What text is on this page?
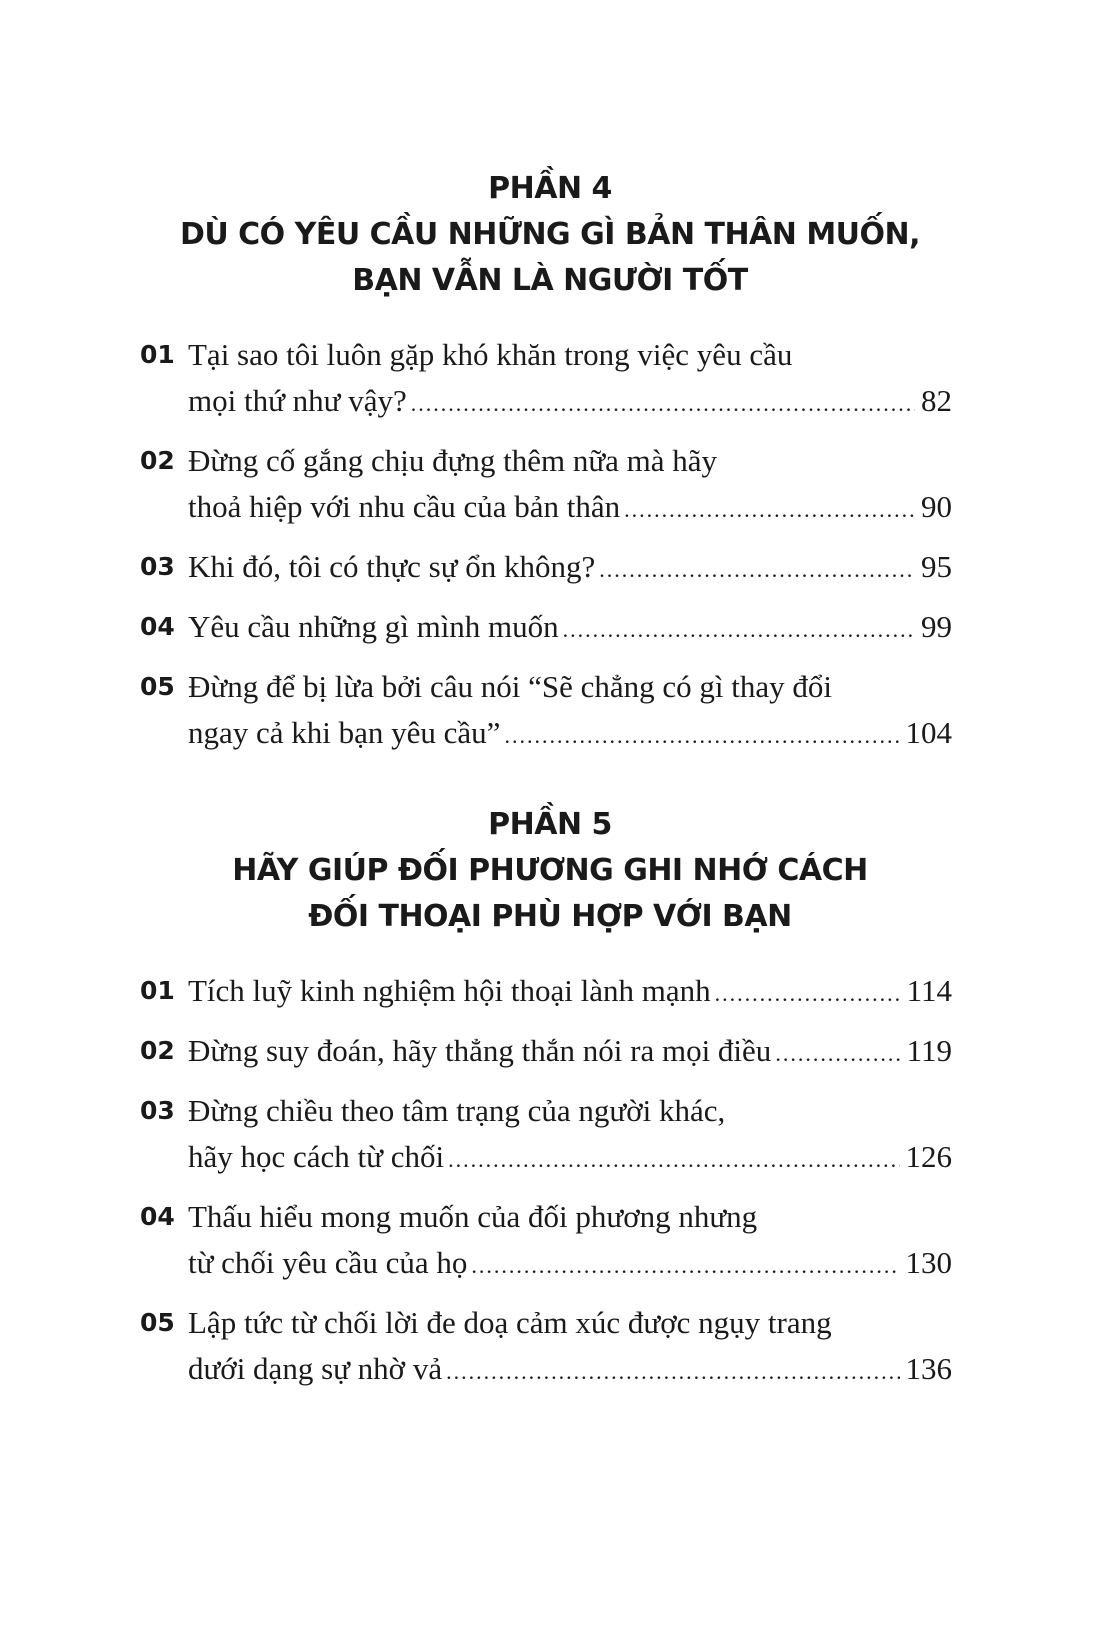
PHẦN 4
DÙ CÓ YÊU CẦU NHỮNG GÌ BẢN THÂN MUỐN,
BẠN VẪN LÀ NGƯỜI TỐT
01 Tại sao tôi luôn gặp khó khăn trong việc yêu cầu
mọi thứ như vậy? .....	82
02 Đừng cố gắng chịu đựng thêm nữa mà hãy
thoả hiệp với nhu cầu của bản thân .....	90
03 Khi đó, tôi có thực sự ổn không? .....	95
04 Yêu cầu những gì mình muốn .....	99
05 Đừng để bị lừa bởi câu nói “Sẽ chẳng có gì thay đổi
ngay cả khi bạn yêu cầu” .....	104
PHẦN 5
HÃY GIÚP ĐỐI PHƯƠNG GHI NHỚ CÁCH
ĐỐI THOẠI PHÙ HỢP VỚI BẠN
01 Tích luỹ kinh nghiệm hội thoại lành mạnh .....	114
02 Đừng suy đoán, hãy thẳng thắn nói ra mọi điều .....	119
03 Đừng chiều theo tâm trạng của người khác,
hãy học cách từ chối .....	126
04 Thấu hiểu mong muốn của đối phương nhưng
từ chối yêu cầu của họ .....	130
05 Lập tức từ chối lời đe doạ cảm xúc được ngụy trang
dưới dạng sự nhờ vả .....	136
